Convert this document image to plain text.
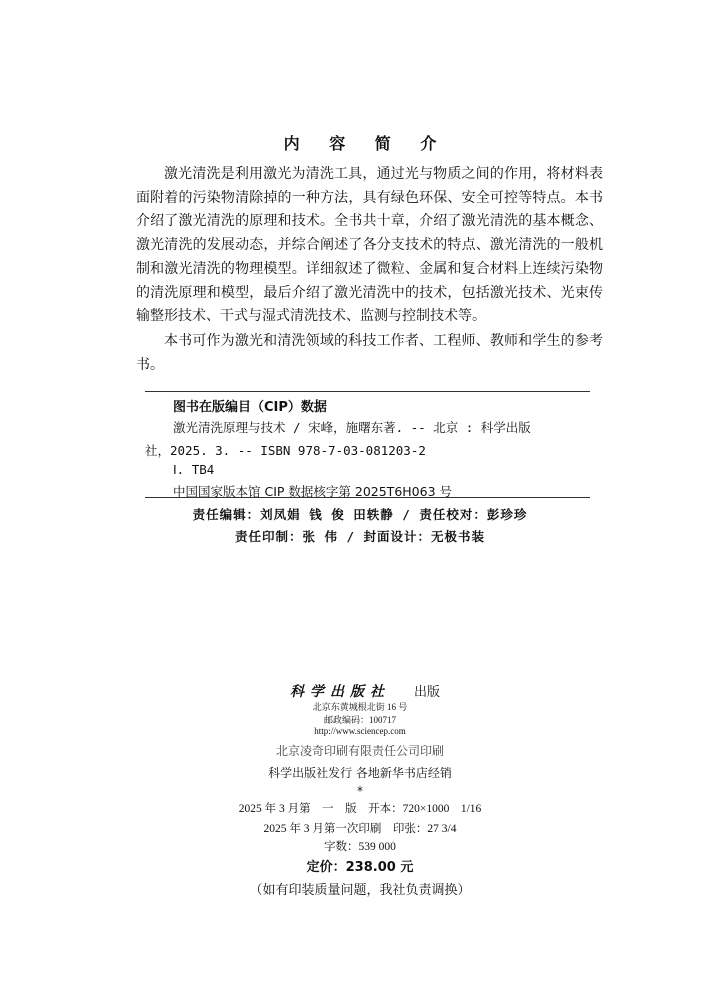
内 容 简 介

激光清洗是利用激光为清洗工具，通过光与物质之间的作用，将材料表面附着的污染物清除掉的一种方法，具有绿色环保、安全可控等特点。本书介绍了激光清洗的原理和技术。全书共十章，介绍了激光清洗的基本概念、激光清洗的发展动态，并综合阐述了各分支技术的特点、激光清洗的一般机制和激光清洗的物理模型。详细叙述了微粒、金属和复合材料上连续污染物的清洗原理和模型，最后介绍了激光清洗中的技术，包括激光技术、光束传输整形技术、干式与湿式清洗技术、监测与控制技术等。

本书可作为激光和清洗领域的科技工作者、工程师、教师和学生的参考书。

图书在版编目（CIP）数据
激光清洗原理与技术 / 宋峰，施曙东著. -- 北京 : 科学出版
社，2025. 3. -- ISBN 978-7-03-081203-2
Ⅰ. TB4
中国国家版本馆 CIP 数据核字第 2025T6H063 号
责任编辑：刘凤娟 钱 俊 田轶静 / 责任校对：彭珍珍
责任印制：张 伟 / 封面设计：无极书装
科学出版社 出版
北京东黄城根北街 16 号
邮政编码：100717
http://www.sciencep.com
北京凌奇印刷有限责任公司印刷
科学出版社发行 各地新华书店经销
*
2025 年 3 月第　一　版　开本：720×1000　1/16
2025 年 3 月第一次印刷　印张：27 3/4
字数：539 000
定价：238.00 元
（如有印装质量问题，我社负责调换）
